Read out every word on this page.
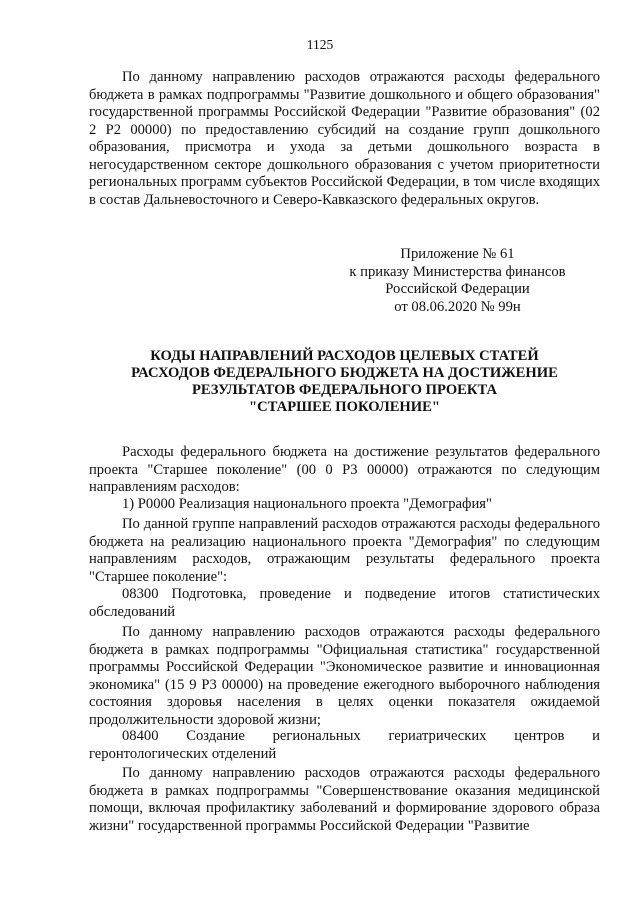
1125

По данному направлению расходов отражаются расходы федерального бюджета в рамках подпрограммы "Развитие дошкольного и общего образования" государственной программы Российской Федерации "Развитие образования" (02 2 Р2 00000) по предоставлению субсидий на создание групп дошкольного образования, присмотра и ухода за детьми дошкольного возраста в негосударственном секторе дошкольного образования с учетом приоритетности региональных программ субъектов Российской Федерации, в том числе входящих в состав Дальневосточного и Северо-Кавказского федеральных округов.

Приложение № 61
к приказу Министерства финансов
Российской Федерации
от 08.06.2020 № 99н
КОДЫ НАПРАВЛЕНИЙ РАСХОДОВ ЦЕЛЕВЫХ СТАТЕЙ
РАСХОДОВ ФЕДЕРАЛЬНОГО БЮДЖЕТА НА ДОСТИЖЕНИЕ
РЕЗУЛЬТАТОВ ФЕДЕРАЛЬНОГО ПРОЕКТА
"СТАРШЕЕ ПОКОЛЕНИЕ"

Расходы федерального бюджета на достижение результатов федерального проекта "Старшее поколение" (00 0 Р3 00000) отражаются по следующим направлениям расходов:

1) Р0000 Реализация национального проекта "Демография"

По данной группе направлений расходов отражаются расходы федерального бюджета на реализацию национального проекта "Демография" по следующим направлениям расходов, отражающим результаты федерального проекта "Старшее поколение":

08300 Подготовка, проведение и подведение итогов статистических обследований

По данному направлению расходов отражаются расходы федерального бюджета в рамках подпрограммы "Официальная статистика" государственной программы Российской Федерации "Экономическое развитие и инновационная экономика" (15 9 Р3 00000) на проведение ежегодного выборочного наблюдения состояния здоровья населения в целях оценки показателя ожидаемой продолжительности здоровой жизни;

08400 Создание региональных гериатрических центров и геронтологических отделений

По данному направлению расходов отражаются расходы федерального бюджета в рамках подпрограммы "Совершенствование оказания медицинской помощи, включая профилактику заболеваний и формирование здорового образа жизни" государственной программы Российской Федерации "Развитие
